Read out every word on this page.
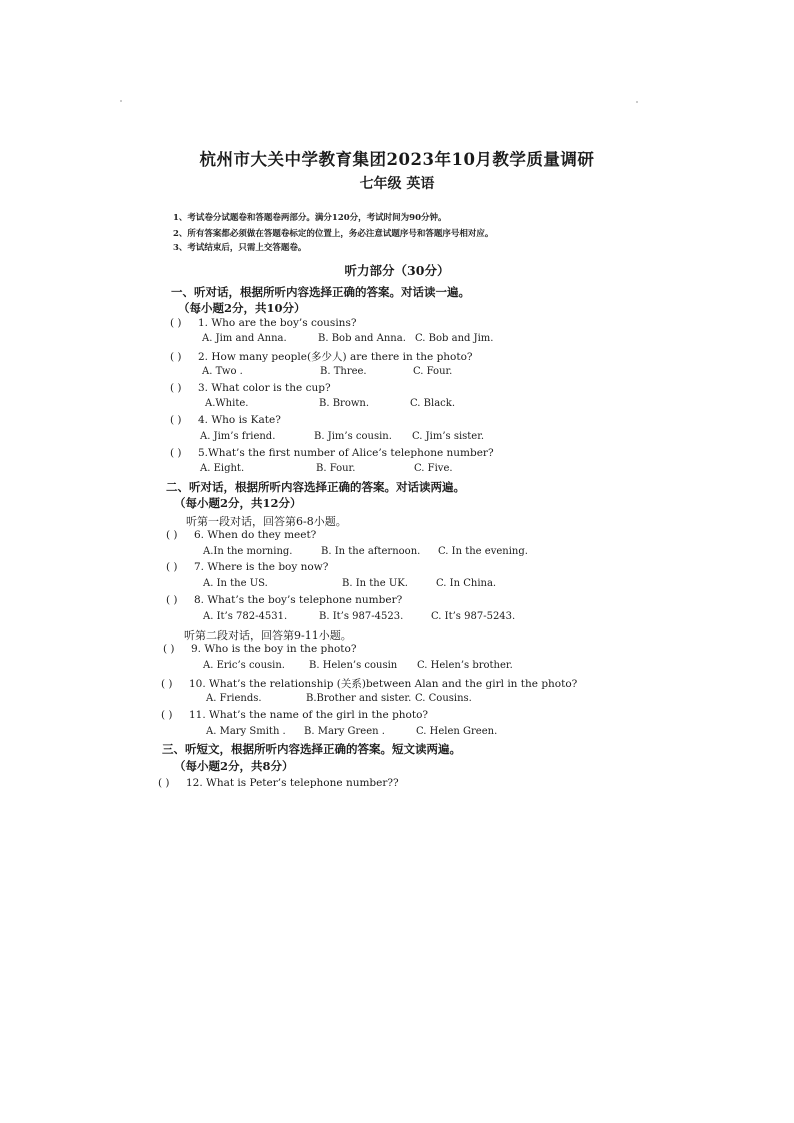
杭州市大关中学教育集团2023年10月教学质量调研
七年级 英语
1、考试卷分试题卷和答题卷两部分。满分120分，考试时间为90分钟。
2、所有答案都必须做在答题卷标定的位置上，务必注意试题序号和答题序号相对应。
3、考试结束后，只需上交答题卷。
听力部分（30分）
一、听对话，根据所听内容选择正确的答案。对话读一遍。
（每小题2分，共10分）
( ) 1. Who are the boy’s cousins?
A. Jim and Anna.	B. Bob and Anna. C. Bob and Jim.
( ) 2. How many people(多少人) are there in the photo?
A. Two .	B. Three.	C. Four.
( ) 3. What color is the cup?
A.White.	B. Brown.	C. Black.
( ) 4. Who is Kate?
A. Jim’s friend.	B. Jim’s cousin. C. Jim’s sister.
( ) 5.What’s the first number of Alice’s telephone number?
A. Eight.	B. Four.	C. Five.
二、听对话，根据所听内容选择正确的答案。对话读两遍。
（每小题2分，共12分）
听第一段对话，回答第6-8小题。
( ) 6. When do they meet?
A.In the morning.	B. In the afternoon. C. In the evening.
( ) 7. Where is the boy now?
A. In the US.	B. In the UK.	C. In China.
( ) 8. What’s the boy’s telephone number?
A. It’s 782-4531.	B. It’s 987-4523.	C. It’s 987-5243.
听第二段对话，回答第9-11小题。
( ) 9. Who is the boy in the photo?
A. Eric’s cousin. B. Helen’s cousin C. Helen’s brother.
( ) 10. What’s the relationship (关系)between Alan and the girl in the photo?
A. Friends.	B.Brother and sister. C. Cousins.
( ) 11. What’s the name of the girl in the photo?
A. Mary Smith . B. Mary Green .	C. Helen Green.
三、听短文，根据所听内容选择正确的答案。短文读两遍。
（每小题2分，共8分）
( ) 12. What is Peter’s telephone number??
